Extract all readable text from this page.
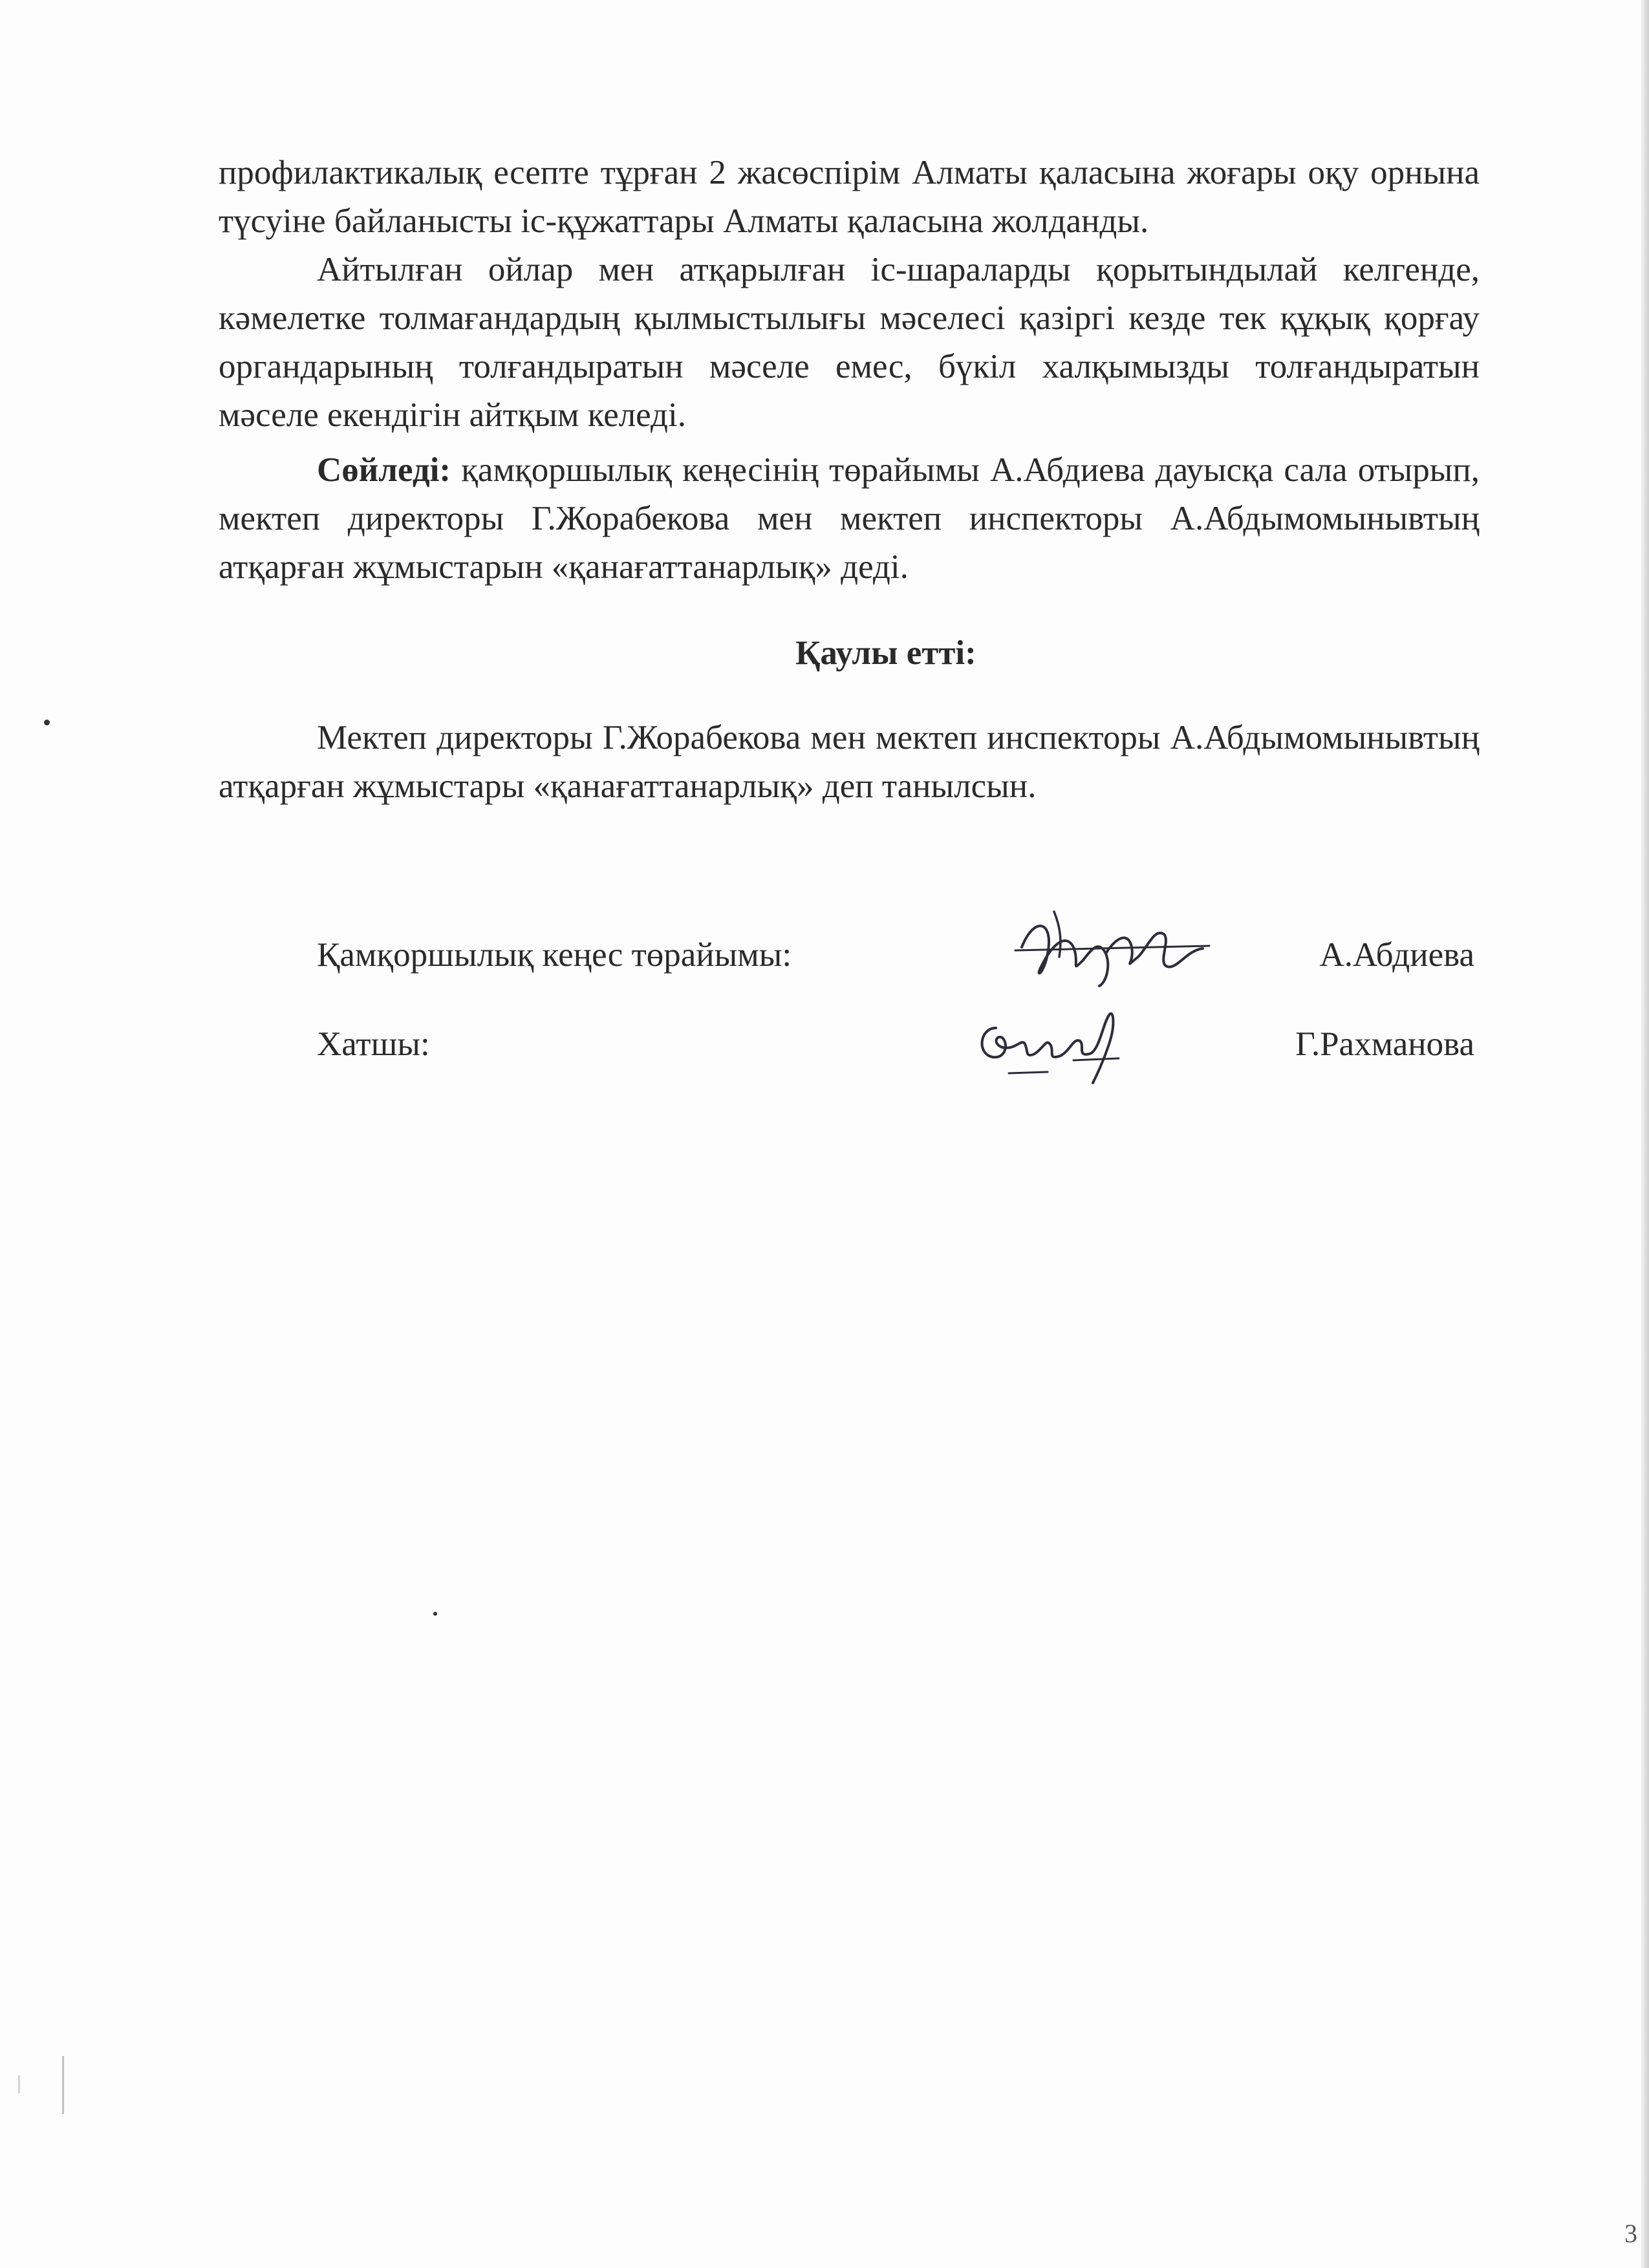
профилактикалық есепте тұрған 2 жасөспірім Алматы қаласына жоғары оқу орнына түсуіне байланысты іс-құжаттары Алматы қаласына жолданды.
Айтылған ойлар мен атқарылған іс-шараларды қорытындылай келгенде, кәмелетке толмағандардың қылмыстылығы мәселесі қазіргі кезде тек құқық қорғау органдарының толғандыратын мәселе емес, бүкіл халқымызды толғандыратын мәселе екендігін айтқым келеді.
Сөйледі: қамқоршылық кеңесінің төрайымы А.Абдиева дауысқа сала отырып, мектеп директоры Г.Жорабекова мен мектеп инспекторы А.Абдымомынывтың атқарған жұмыстарын «қанағаттанарлық» деді.
Қаулы етті:
Мектеп директоры Г.Жорабекова мен мектеп инспекторы А.Абдымомынывтың атқарған жұмыстары «қанағаттанарлық» деп танылсын.
Қамқоршылық кеңес төрайымы:	А.Абдиева
Хатшы:	Г.Рахманова
3
